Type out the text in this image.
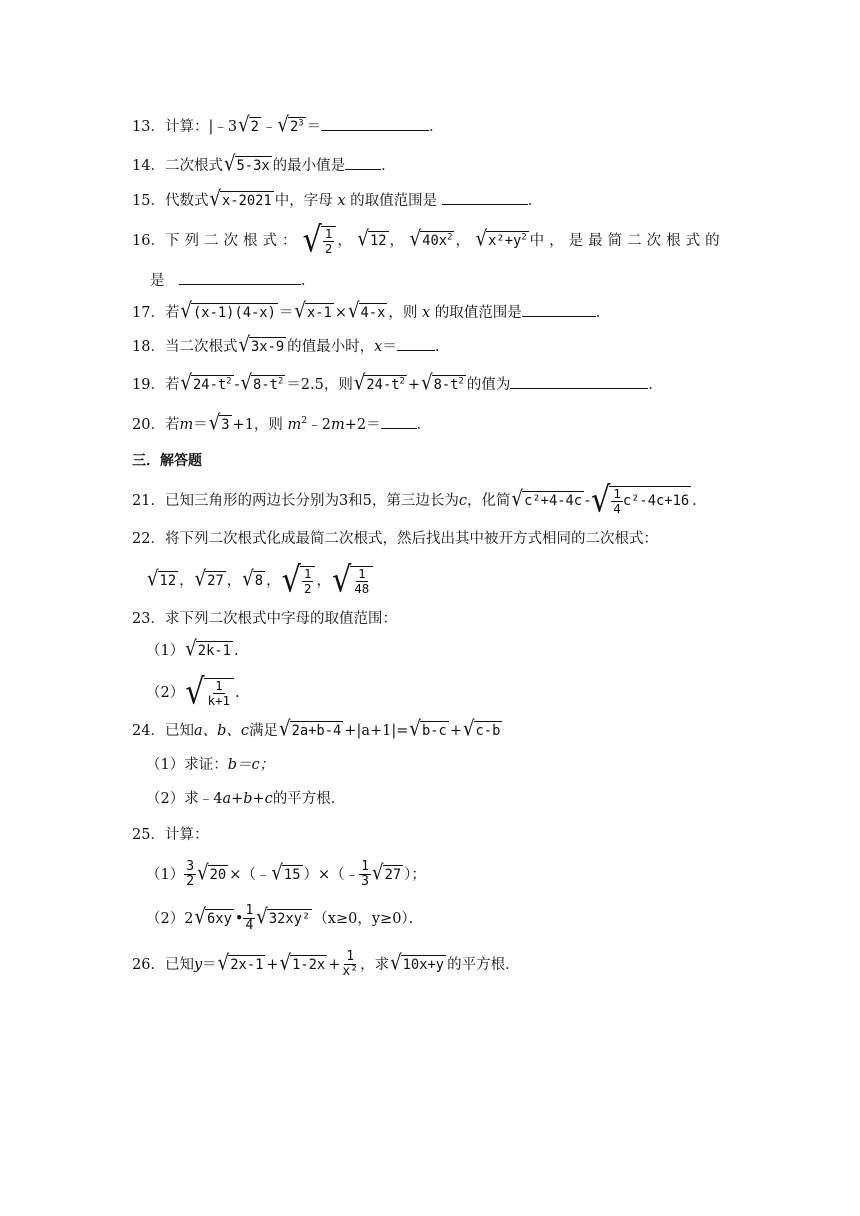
13．计算：|﹣3 √ 2 ﹣ √ $2^3$ ＝	．
14．二次根式 √ 5-3x 的最小值是 ．
15．代数式 √ x-2021 中，字母 x 的取值范围是	．
16．下列二次根式： √ $\frac{1}{2}$ ， √ 12 ， √ $40x^2$ ， √ $x^2+y^2$ 中，是最简二次根式的
是　	．
17．若 √ (x-1)(4-x) ＝ √ x-1 × √ 4-x ，则 x 的取值范围是	．
18．当二次根式 √ 3x-9 的值最小时，x＝	．
19．若 √ $24-t^2$ - √ $8-t^2 =2.5$，则 √ $24-t^2$ + √ $8-t^2$ 的值为	．
20．若m＝ √ 3 +1，则 $m^2﹣2m+2=$ ．
三．解答题
21．已知三角形的两边长分别为3和5，第三边长为c，化简 √ c²+4-4c - √ $\frac{1}{4} c^2-4c+16$ .
22．将下列二次根式化成最简二次根式，然后找出其中被开方式相同的二次根式：
√ 12 ， √ 27 ， √ 8 ， √ $\frac{1}{2}$ ， √ $\frac{1}{48}$
23．求下列二次根式中字母的取值范围：
（1） √ 2k-1 .
（2） √ $\frac{1}{k+1}$ .
24．已知a、b、c满足 √ 2a+b-4 +|a+1|= √ b-c + √ c-b
（1）求证：b＝c；
（2）求﹣4a+b+c的平方根．
25．计算：
$(1) \frac{3}{2}$ √ 20 ×（﹣ √ 15 ）×（﹣ $\frac{1}{3}$ √ 27 ）；
（2）2 √ 6xy • $\frac{1}{4}$ √ 32xy² （x≥0，y≥0）．
26．已知y＝ √ 2x-1 + √ $1-2x + \frac{1}{\text{x²}}$ ，求 √ 10x+y 的平方根．
